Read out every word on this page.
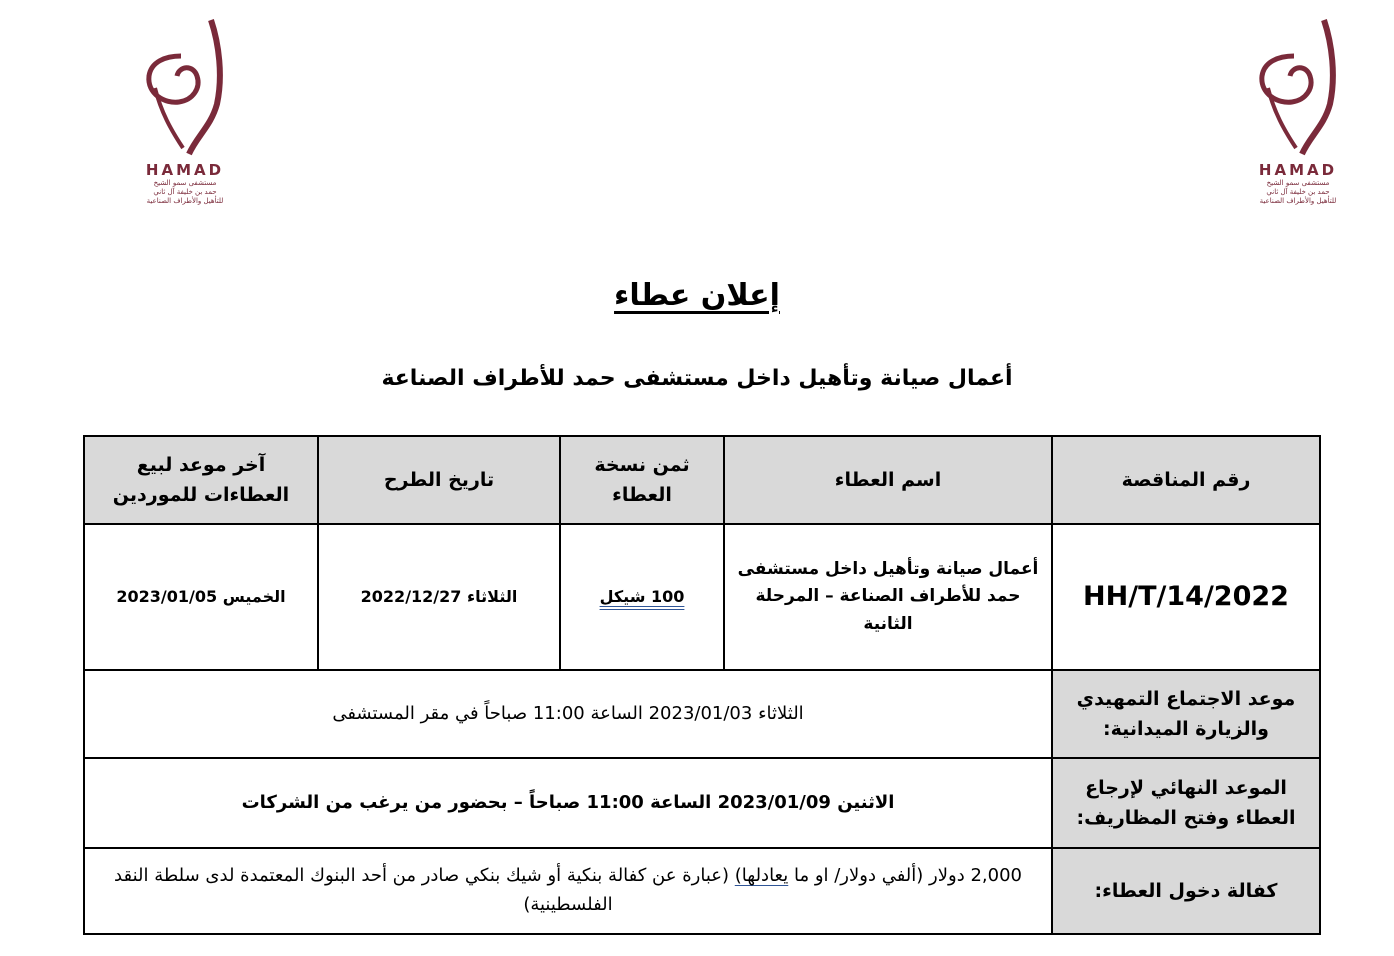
HAMAD
مستشفى سمو الشيخ
حمد بن خليفة آل ثاني
للتأهيل والأطراف الصناعية
HAMAD
مستشفى سمو الشيخ
حمد بن خليفة آل ثاني
للتأهيل والأطراف الصناعية
إعلان عطاء
أعمال صيانة وتأهيل داخل مستشفى حمد للأطراف الصناعة
رقم المناقصة	اسم العطاء	ثمن نسخة العطاء	تاريخ الطرح	آخر موعد لبيع العطاءات للموردين
HH/T/14/2022	أعمال صيانة وتأهيل داخل مستشفى حمد للأطراف الصناعة – المرحلة الثانية	100 شيكل	الثلاثاء 2022/12/27	الخميس 2023/01/05
موعد الاجتماع التمهيدي والزيارة الميدانية:	الثلاثاء 2023/01/03 الساعة 11:00 صباحاً في مقر المستشفى			
الموعد النهائي لإرجاع العطاء وفتح المظاريف:	الاثنين 2023/01/09 الساعة 11:00 صباحاً – بحضور من يرغب من الشركات			
كفالة دخول العطاء:	2,000 دولار (ألفي دولار/ او ما يعادلها) (عبارة عن كفالة بنكية أو شيك بنكي صادر من أحد البنوك المعتمدة لدى سلطة النقد الفلسطينية)			
